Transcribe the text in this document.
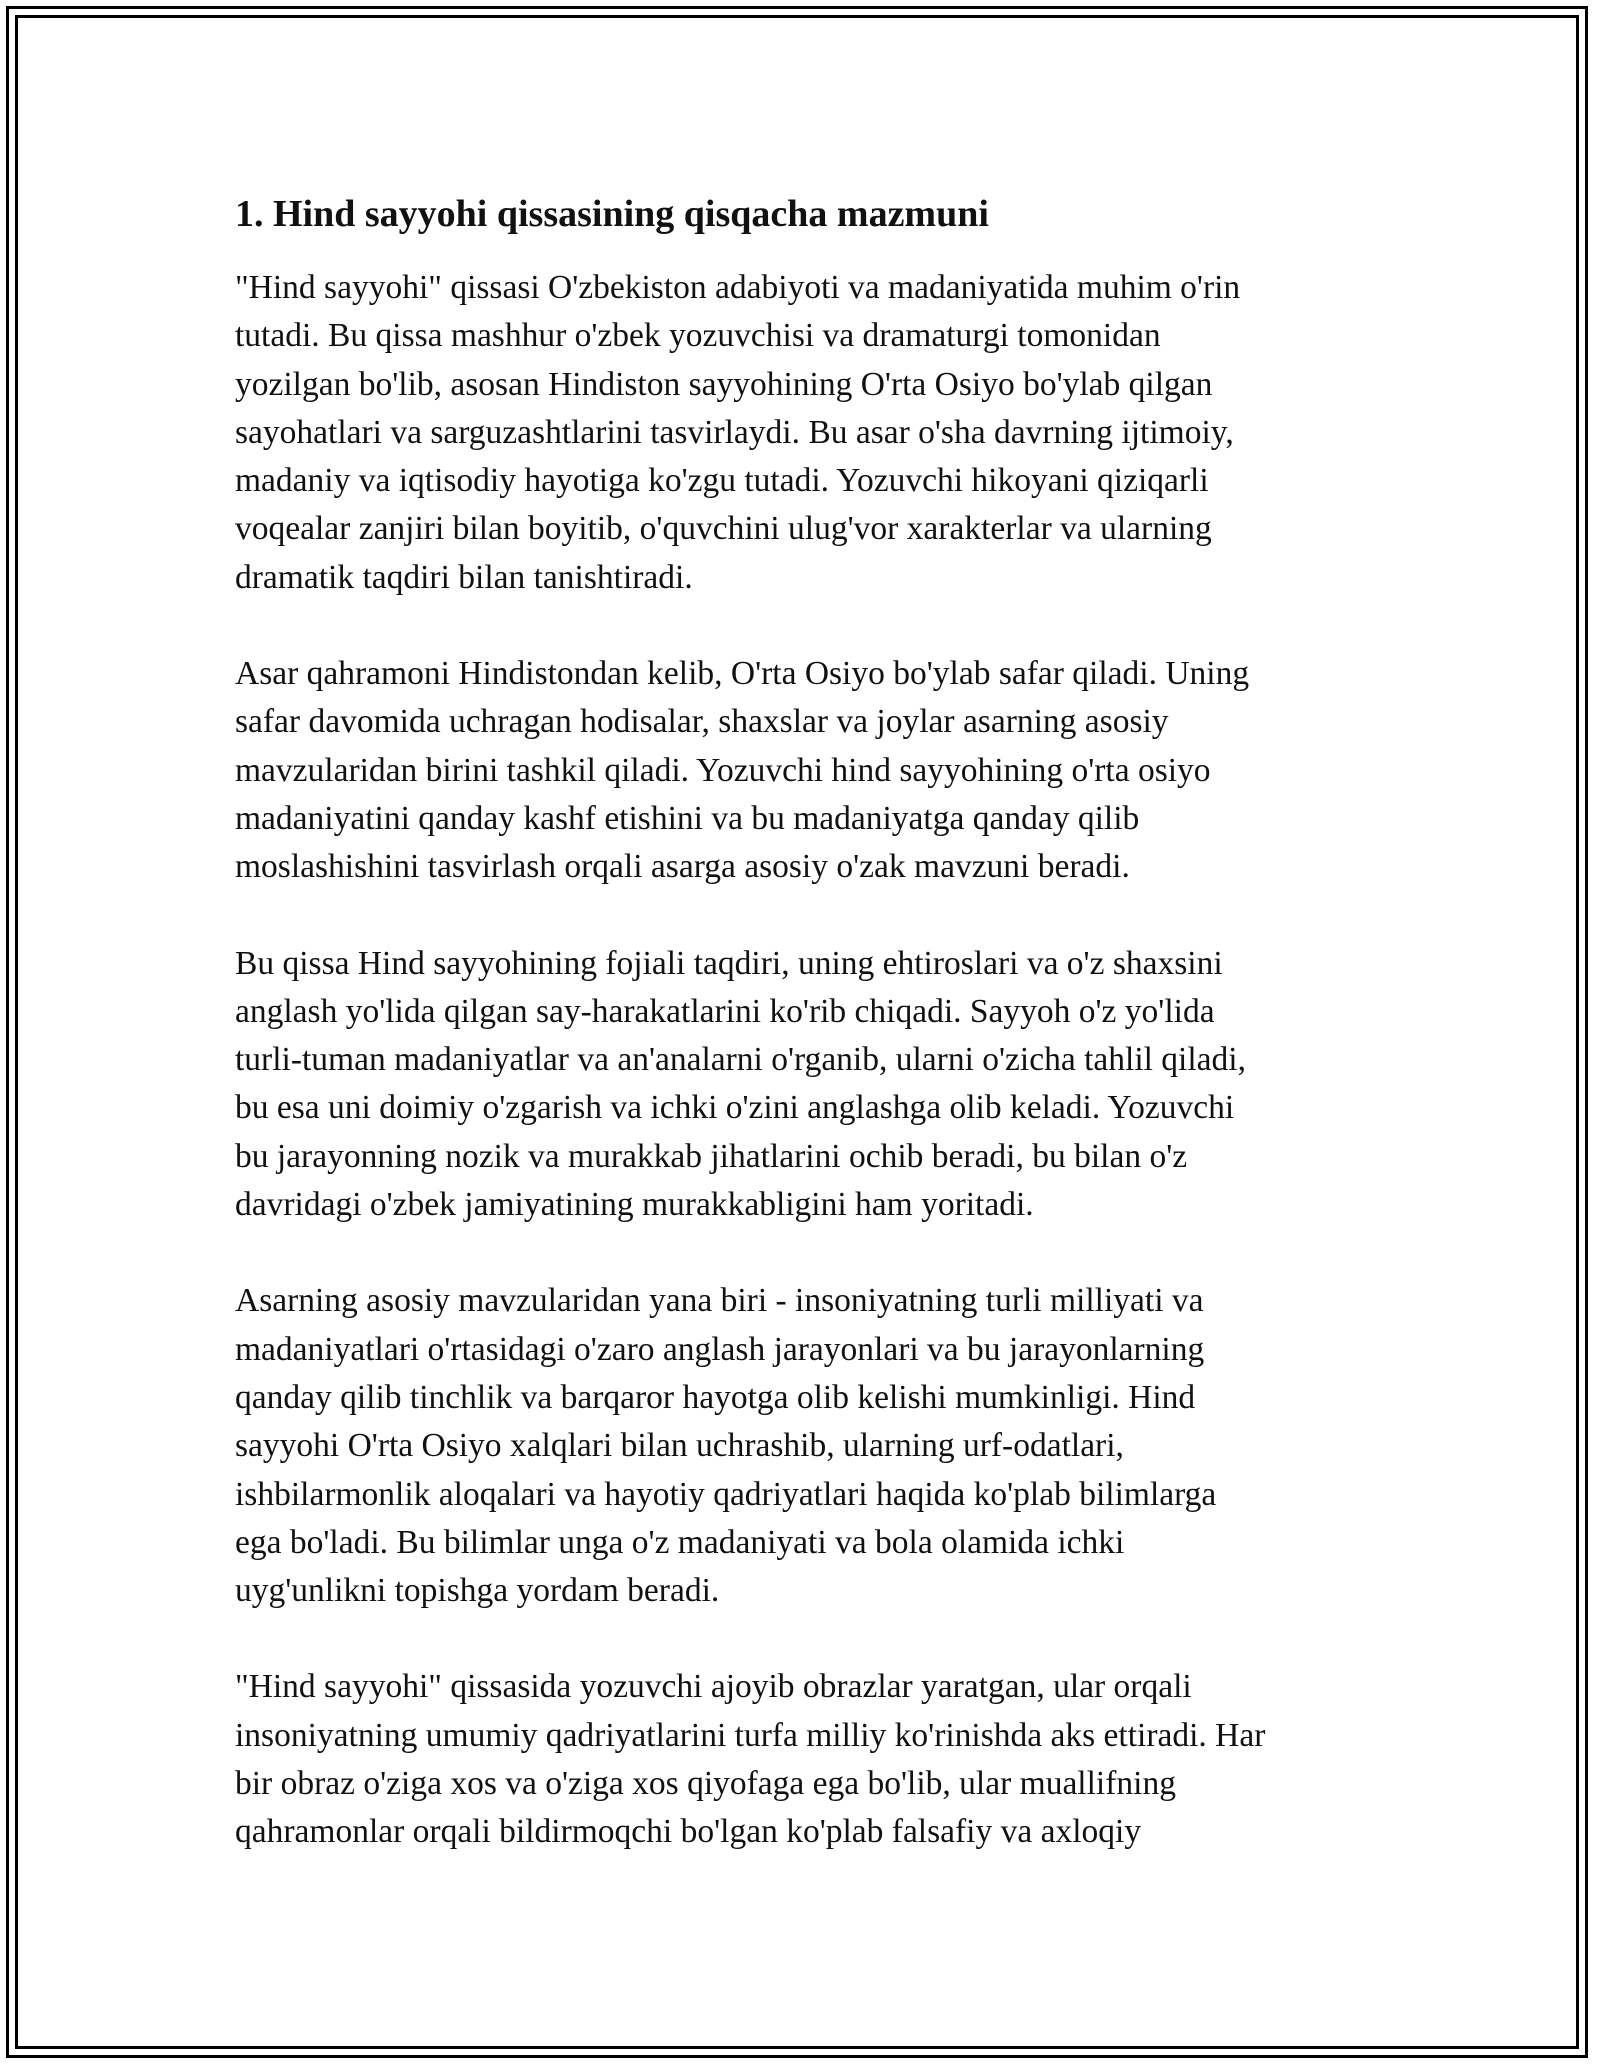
1. Hind sayyohi qissasining qisqacha mazmuni

"Hind sayyohi" qissasi O'zbekiston adabiyoti va madaniyatida muhim o'rin
tutadi. Bu qissa mashhur o'zbek yozuvchisi va dramaturgi tomonidan
yozilgan bo'lib, asosan Hindiston sayyohining O'rta Osiyo bo'ylab qilgan
sayohatlari va sarguzashtlarini tasvirlaydi. Bu asar o'sha davrning ijtimoiy,
madaniy va iqtisodiy hayotiga ko'zgu tutadi. Yozuvchi hikoyani qiziqarli
voqealar zanjiri bilan boyitib, o'quvchini ulug'vor xarakterlar va ularning
dramatik taqdiri bilan tanishtiradi.

Asar qahramoni Hindistondan kelib, O'rta Osiyo bo'ylab safar qiladi. Uning
safar davomida uchragan hodisalar, shaxslar va joylar asarning asosiy
mavzularidan birini tashkil qiladi. Yozuvchi hind sayyohining o'rta osiyo
madaniyatini qanday kashf etishini va bu madaniyatga qanday qilib
moslashishini tasvirlash orqali asarga asosiy o'zak mavzuni beradi.

Bu qissa Hind sayyohining fojiali taqdiri, uning ehtiroslari va o'z shaxsini
anglash yo'lida qilgan say-harakatlarini ko'rib chiqadi. Sayyoh o'z yo'lida
turli-tuman madaniyatlar va an'analarni o'rganib, ularni o'zicha tahlil qiladi,
bu esa uni doimiy o'zgarish va ichki o'zini anglashga olib keladi. Yozuvchi
bu jarayonning nozik va murakkab jihatlarini ochib beradi, bu bilan o'z
davridagi o'zbek jamiyatining murakkabligini ham yoritadi.

Asarning asosiy mavzularidan yana biri - insoniyatning turli milliyati va
madaniyatlari o'rtasidagi o'zaro anglash jarayonlari va bu jarayonlarning
qanday qilib tinchlik va barqaror hayotga olib kelishi mumkinligi. Hind
sayyohi O'rta Osiyo xalqlari bilan uchrashib, ularning urf-odatlari,
ishbilarmonlik aloqalari va hayotiy qadriyatlari haqida ko'plab bilimlarga
ega bo'ladi. Bu bilimlar unga o'z madaniyati va bola olamida ichki
uyg'unlikni topishga yordam beradi.

"Hind sayyohi" qissasida yozuvchi ajoyib obrazlar yaratgan, ular orqali
insoniyatning umumiy qadriyatlarini turfa milliy ko'rinishda aks ettiradi. Har
bir obraz o'ziga xos va o'ziga xos qiyofaga ega bo'lib, ular muallifning
qahramonlar orqali bildirmoqchi bo'lgan ko'plab falsafiy va axloqiy
